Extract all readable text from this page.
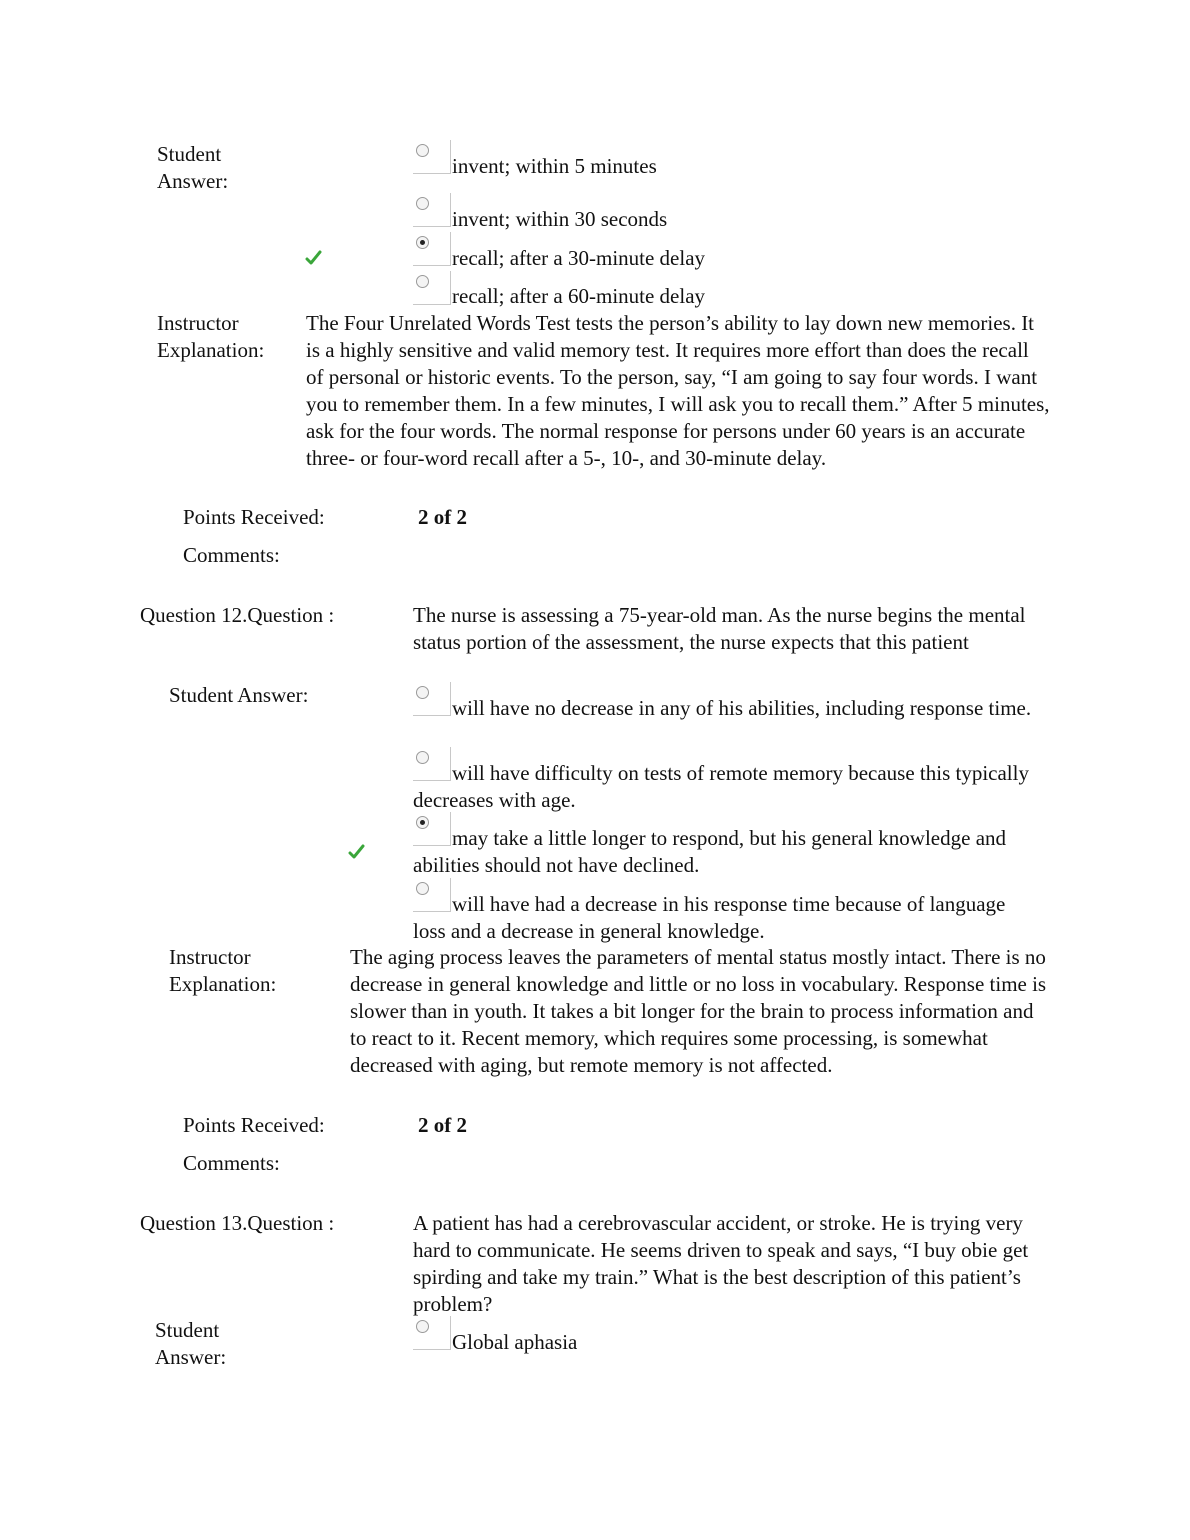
Student Answer:
invent; within 5 minutes
invent; within 30 seconds
recall; after a 30-minute delay
recall; after a 60-minute delay
Instructor Explanation:
The Four Unrelated Words Test tests the person’s ability to lay down new memories. It is a highly sensitive and valid memory test. It requires more effort than does the recall of personal or historic events. To the person, say, “I am going to say four words. I want you to remember them. In a few minutes, I will ask you to recall them.” After 5 minutes, ask for the four words. The normal response for persons under 60 years is an accurate three- or four-word recall after a 5-, 10-, and 30-minute delay.
Points Received:	2 of 2
Comments:
Question 12.Question :	The nurse is assessing a 75-year-old man. As the nurse begins the mental status portion of the assessment, the nurse expects that this patient
Student Answer:
will have no decrease in any of his abilities, including response time.
will have difficulty on tests of remote memory because this typically decreases with age.
may take a little longer to respond, but his general knowledge and abilities should not have declined.
will have had a decrease in his response time because of language loss and a decrease in general knowledge.
Instructor Explanation:
The aging process leaves the parameters of mental status mostly intact. There is no decrease in general knowledge and little or no loss in vocabulary. Response time is slower than in youth. It takes a bit longer for the brain to process information and to react to it. Recent memory, which requires some processing, is somewhat decreased with aging, but remote memory is not affected.
Points Received:	2 of 2
Comments:
Question 13.Question :	A patient has had a cerebrovascular accident, or stroke. He is trying very hard to communicate. He seems driven to speak and says, “I buy obie get spirding and take my train.” What is the best description of this patient’s problem?
Student Answer:
Global aphasia
